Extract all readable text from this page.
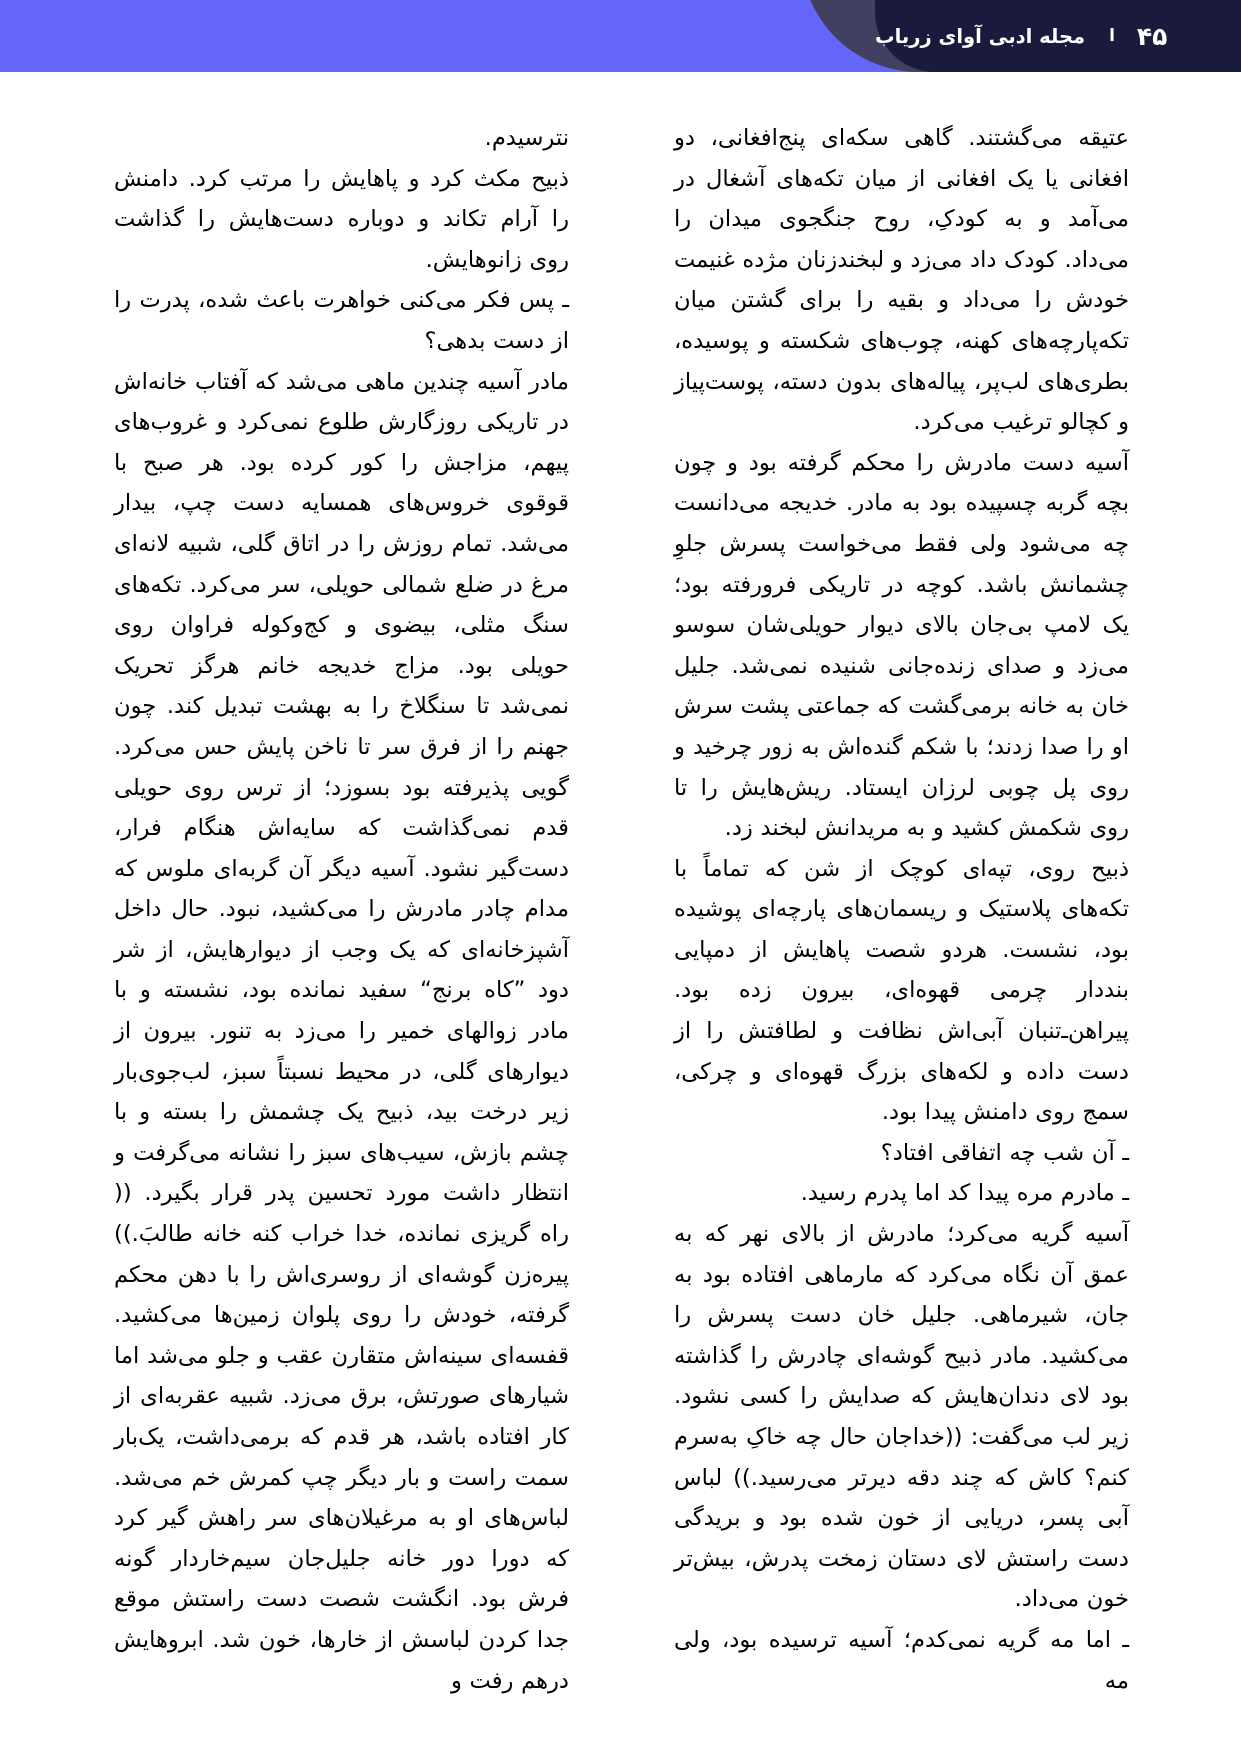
۴۵
ا
مجله ادبی آوای زریاب

عتیقه می‌گشتند. گاهی سکه‌ای پنج‌افغانی، دو افغانی یا یک افغانی از میان تکه‌های آشغال در می‌آمد و به کودکِ، روح جنگجوی میدان را می‌داد. کودک داد می‌زد و لبخندزنان مژده غنیمت خودش را می‌داد و بقیه را برای گشتن میان تکه‌پارچه‌های کهنه، چوب‌های شکسته و پوسیده، بطری‌های لب‌پر، پیاله‌های بدون دسته، پوست‌پیاز و کچالو ترغیب می‌کرد.

آسیه دست مادرش را محکم گرفته بود و چون بچه گربه چسپیده بود به مادر. خدیجه می‌دانست چه می‌شود ولی فقط می‌خواست پسرش جلوِ چشمانش باشد. کوچه در تاریکی فرورفته بود؛ یک لامپ بی‌جان بالای دیوار حویلی‌شان سوسو می‌زد و صدای زنده‌جانی شنیده نمی‌شد. جلیل خان به خانه برمی‌گشت که جماعتی پشت سرش او را صدا زدند؛ با شکم گنده‌اش به زور چرخید و روی پل چوبی لرزان ایستاد. ریش‌هایش را تا روی شکمش کشید و به مریدانش لبخند زد.

ذبیح روی، تپه‌ای کوچک از شن که تماماً با تکه‌های پلاستیک و ریسمان‌های پارچه‌ای پوشیده بود، نشست. هردو شصت پاهایش از دمپایی بنددار چرمی قهوه‌ای، بیرون زده بود. پیراهن‌ـ‌تنبان آبی‌اش نظافت و لطافتش را از دست داده و لکه‌های بزرگ قهوه‌ای و چرکی، سمج روی دامنش پیدا بود.

ـ آن شب چه اتفاقی افتاد؟

ـ مادرم مره پیدا کد اما پدرم رسید.

آسیه گریه می‌کرد؛ مادرش از بالای نهر که به عمق آن نگاه می‌کرد که مارماهی افتاده بود به جان، شیرماهی. جلیل خان دست پسرش را می‌کشید. مادر ذبیح گوشه‌ای چادرش را گذاشته بود لای دندان‌هایش که صدایش را کسی نشود. زیر لب می‌گفت: ((خداجان حال چه خاکِ به‌سرم کنم؟ کاش که چند دقه دیرتر می‌رسید.)) لباس آبی پسر، دریایی از خون شده بود و بریدگی دست راستش لای دستان زمخت پدرش، بیش‌تر خون می‌داد.

ـ اما مه گریه نمی‌کدم؛ آسیه ترسیده بود، ولی مه

نترسیدم.

ذبیح مکث کرد و پاهایش را مرتب کرد. دامنش را آرام تکاند و دوباره دست‌هایش را گذاشت روی زانوهایش.

ـ پس فکر می‌کنی خواهرت باعث شده، پدرت را از دست بدهی؟

مادر آسیه چندین ماهی می‌شد که آفتاب خانه‌اش در تاریکی روزگارش طلوع نمی‌کرد و غروب‌های پیهم، مزاجش را کور کرده بود. هر صبح با قوقوی خروس‌های همسایه دست چپ، بیدار می‌شد. تمام روزش را در اتاق گلی، شبیه لانه‌ای مرغ در ضلع شمالی حویلی، سر می‌کرد. تکه‌های سنگ مثلی، بیضوی و کج‌وکوله فراوان روی حویلی بود. مزاج خدیجه خانم هرگز تحریک نمی‌شد تا سنگلاخ را به بهشت تبدیل کند. چون جهنم را از فرق سر تا ناخن پایش حس می‌کرد. گویی پذیرفته بود بسوزد؛ از ترس روی حویلی قدم نمی‌گذاشت که سایه‌اش هنگام فرار، دست‌گیر نشود. آسیه دیگر آن گربه‌ای ملوس که مدام چادر مادرش را می‌کشید، نبود. حال داخل آشپزخانه‌ای که یک وجب از دیوارهایش، از شر دود ”کاه برنج“ سفید نمانده بود، نشسته و با مادر زوالهای خمیر را می‌زد به تنور. بیرون از دیوارهای گلی، در محیط نسبتاً سبز، لب‌جوی‌بار زیر درخت بید، ذبیح یک چشمش را بسته و با چشم بازش، سیب‌های سبز را نشانه می‌گرفت و انتظار داشت مورد تحسین پدر قرار بگیرد. (( راه گریزی نمانده، خدا خراب کنه خانه طالبَ.)) پیره‌زن گوشه‌ای از روسری‌اش را با دهن محکم گرفته، خودش را روی پلوان زمین‌ها می‌کشید. قفسه‌ای سینه‌اش متقارن عقب و جلو می‌شد اما شیارهای صورتش، برق می‌زد. شبیه عقربه‌ای از کار افتاده باشد، هر قدم که برمی‌داشت، یک‌بار سمت راست و بار دیگر چپ کمرش خم می‌شد. لباس‌های او به مرغیلان‌های سر راهش گیر کرد که دورا دور خانه جلیل‌جان سیم‌خاردار گونه فرش بود. انگشت شصت دست راستش موقع جدا کردن لباسش از خارها، خون شد. ابروهایش درهم رفت و
